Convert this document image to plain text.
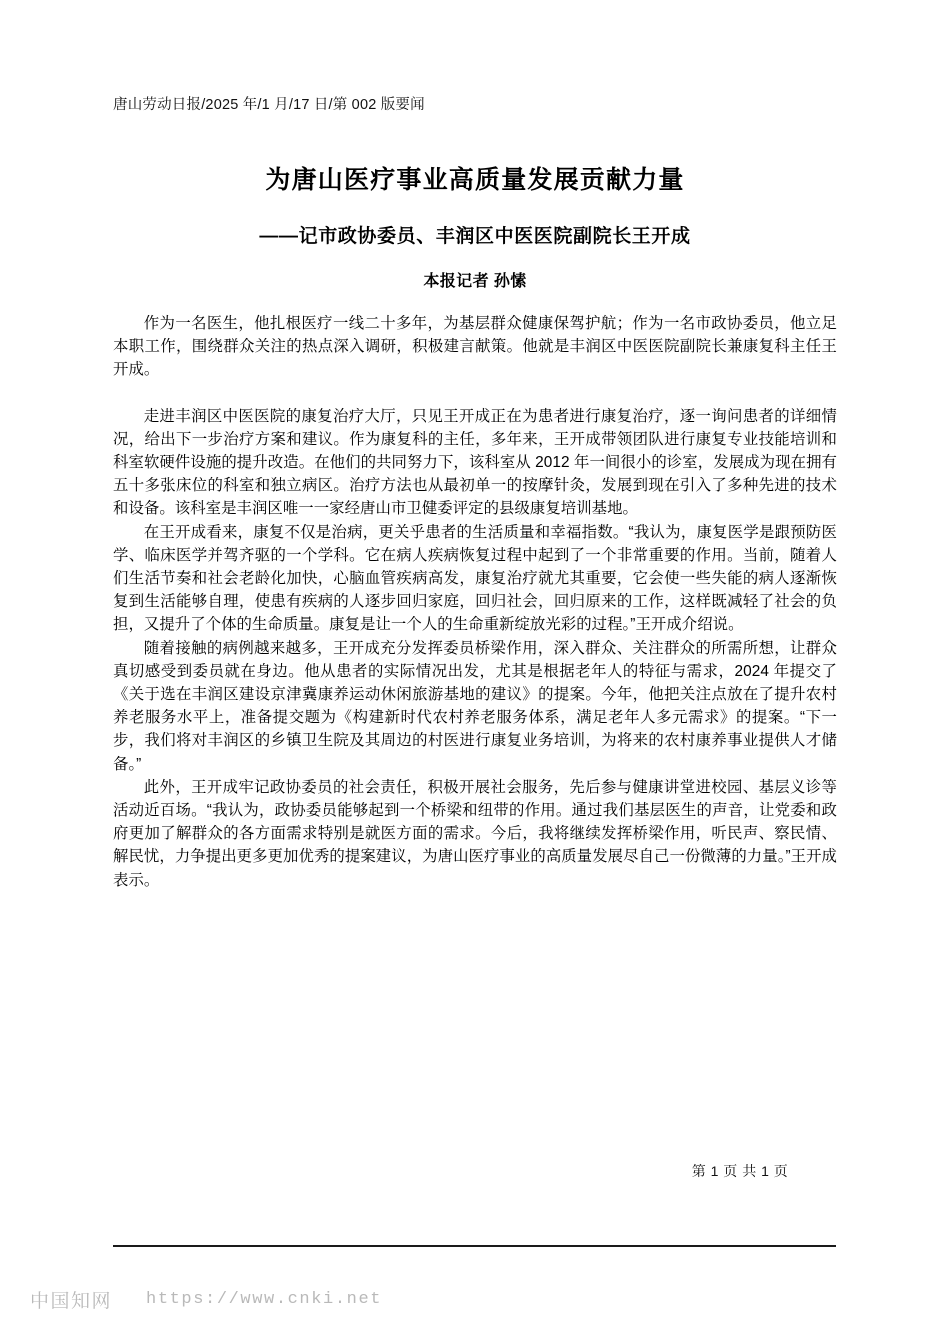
唐山劳动日报/2025 年/1 月/17 日/第 002 版要闻
为唐山医疗事业高质量发展贡献力量
——记市政协委员、丰润区中医医院副院长王开成
本报记者 孙愫

作为一名医生，他扎根医疗一线二十多年，为基层群众健康保驾护航；作为一名市政协委员，他立足本职工作，围绕群众关注的热点深入调研，积极建言献策。他就是丰润区中医医院副院长兼康复科主任王开成。

走进丰润区中医医院的康复治疗大厅，只见王开成正在为患者进行康复治疗，逐一询问患者的详细情况，给出下一步治疗方案和建议。作为康复科的主任，多年来，王开成带领团队进行康复专业技能培训和科室软硬件设施的提升改造。在他们的共同努力下，该科室从 2012 年一间很小的诊室，发展成为现在拥有五十多张床位的科室和独立病区。治疗方法也从最初单一的按摩针灸，发展到现在引入了多种先进的技术和设备。该科室是丰润区唯一一家经唐山市卫健委评定的县级康复培训基地。

在王开成看来，康复不仅是治病，更关乎患者的生活质量和幸福指数。“我认为，康复医学是跟预防医学、临床医学并驾齐驱的一个学科。它在病人疾病恢复过程中起到了一个非常重要的作用。当前，随着人们生活节奏和社会老龄化加快，心脑血管疾病高发，康复治疗就尤其重要，它会使一些失能的病人逐渐恢复到生活能够自理，使患有疾病的人逐步回归家庭，回归社会，回归原来的工作，这样既减轻了社会的负担，又提升了个体的生命质量。康复是让一个人的生命重新绽放光彩的过程。”王开成介绍说。

随着接触的病例越来越多，王开成充分发挥委员桥梁作用，深入群众、关注群众的所需所想，让群众真切感受到委员就在身边。他从患者的实际情况出发，尤其是根据老年人的特征与需求，2024 年提交了《关于选在丰润区建设京津冀康养运动休闲旅游基地的建议》的提案。今年，他把关注点放在了提升农村养老服务水平上，准备提交题为《构建新时代农村养老服务体系，满足老年人多元需求》的提案。“下一步，我们将对丰润区的乡镇卫生院及其周边的村医进行康复业务培训，为将来的农村康养事业提供人才储备。”

此外，王开成牢记政协委员的社会责任，积极开展社会服务，先后参与健康讲堂进校园、基层义诊等活动近百场。“我认为，政协委员能够起到一个桥梁和纽带的作用。通过我们基层医生的声音，让党委和政府更加了解群众的各方面需求特别是就医方面的需求。今后，我将继续发挥桥梁作用，听民声、察民情、解民忧，力争提出更多更加优秀的提案建议，为唐山医疗事业的高质量发展尽自己一份微薄的力量。”王开成表示。

第 1 页 共 1 页
中国知网 https://www.cnki.net
